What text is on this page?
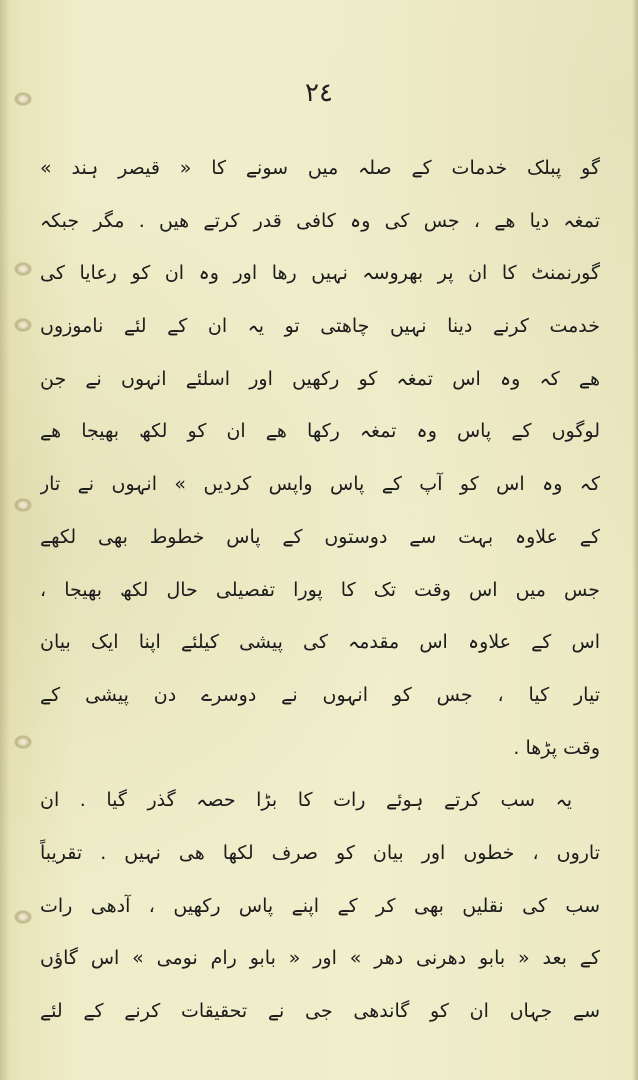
۲٤

گو پبلک خدمات کے صلہ میں سونے کا « قیصر ہند »
تمغہ دیا ھے ، جس کی وہ کافی قدر کرتے ھیں . مگر جبکہ
گورنمنٹ کا ان پر بھروسہ نہیں رھا اور وہ ان کو رعایا کی
خدمت کرنے دینا نہیں چاھتی تو یہ ان کے لئے ناموزوں
ھے کہ وہ اس تمغہ کو رکھیں اور اسلئے انہوں نے جن
لوگوں کے پاس وہ تمغہ رکھا ھے ان کو لکھ بھیجا ھے
کہ وہ اس کو آپ کے پاس واپس کردیں » انہوں نے تار
کے علاوہ بہت سے دوستوں کے پاس خطوط بھی لکھے
جس میں اس وقت تک کا پورا تفصیلی حال لکھ بھیجا ،
اس کے علاوہ اس مقدمہ کی پیشی کیلئے اپنا ایک بیان
تیار کیا ، جس کو انہوں نے دوسرے دن پیشی کے
وقت پڑھا .
یہ سب کرتے ہوئے رات کا بڑا حصہ گذر گیا . ان
تاروں ، خطوں اور بیان کو صرف لکھا ھی نہیں . تقریباً
سب کی نقلیں بھی کر کے اپنے پاس رکھیں ، آدھی رات
کے بعد « بابو دھرنی دھر » اور « بابو رام نومی » اس گاؤں
سے جہاں ان کو گاندھی جی نے تحقیقات کرنے کے لئے
